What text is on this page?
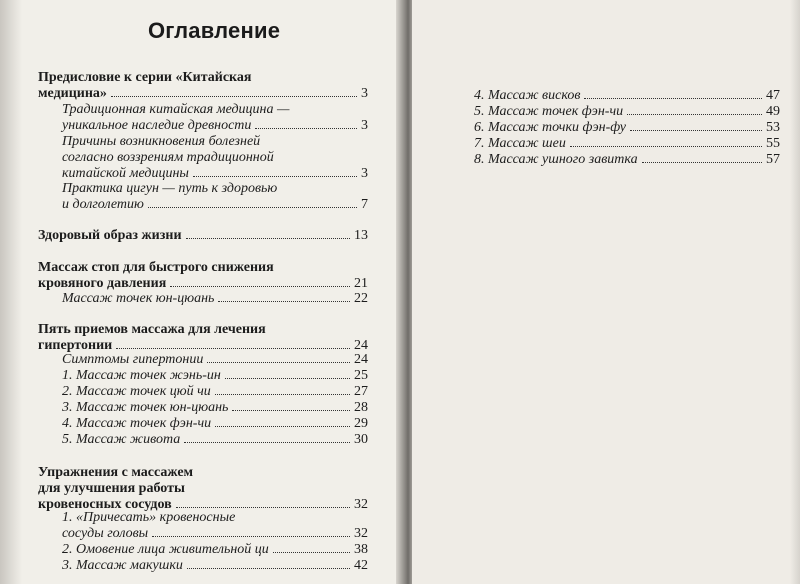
Оглавление
Предисловие к серии «Китайская
медицина»	3
Традиционная китайская медицина —
уникальное наследие древности	3
Причины возникновения болезней
согласно воззрениям традиционной
китайской медицины	3
Практика цигун — путь к здоровью
и долголетию	7
Здоровый образ жизни	13
Массаж стоп для быстрого снижения
кровяного давления	21
Массаж точек юн-цюань	22
Пять приемов массажа для лечения
гипертонии	24
Симптомы гипертонии	24
1. Массаж точек жэнь-ин	25
2. Массаж точек цюй чи	27
3. Массаж точек юн-цюань	28
4. Массаж точек фэн-чи	29
5. Массаж живота	30
Упражнения с массажем
для улучшения работы
кровеносных сосудов	32
1. «Причесать» кровеносные
сосуды головы	32
2. Омовение лица живительной ци	38
3. Массаж макушки	42
4. Массаж висков	47
5. Массаж точек фэн-чи	49
6. Массаж точки фэн-фу	53
7. Массаж шеи	55
8. Массаж ушного завитка	57
